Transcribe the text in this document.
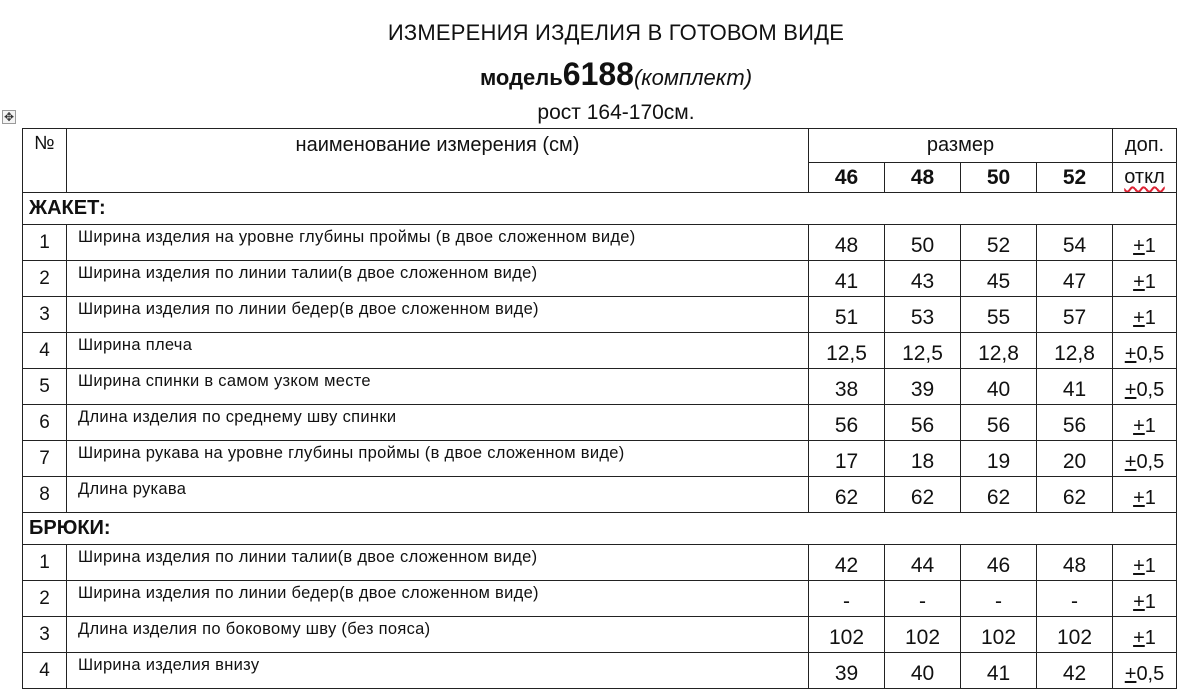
ИЗМЕРЕНИЯ ИЗДЕЛИЯ В ГОТОВОМ ВИДЕ
модель6188(комплект)
рост 164-170см.
✥
№	наименование измерения (см)	размер				доп.
		46	48	50	52	откл
ЖАКЕТ:						
1	Ширина изделия на уровне глубины проймы (в двое сложенном виде)	48	50	52	54	+1
2	Ширина изделия по линии талии(в двое сложенном виде)	41	43	45	47	+1
3	Ширина изделия по линии бедер(в двое сложенном виде)	51	53	55	57	+1
4	Ширина плеча	12,5	12,5	12,8	12,8	+0,5
5	Ширина спинки в самом узком месте	38	39	40	41	+0,5
6	Длина изделия по среднему шву спинки	56	56	56	56	+1
7	Ширина рукава на уровне глубины проймы (в двое сложенном виде)	17	18	19	20	+0,5
8	Длина рукава	62	62	62	62	+1
БРЮКИ:						
1	Ширина изделия по линии талии(в двое сложенном виде)	42	44	46	48	+1
2	Ширина изделия по линии бедер(в двое сложенном виде)	-	-	-	-	+1
3	Длина изделия по боковому шву (без пояса)	102	102	102	102	+1
4	Ширина изделия внизу	39	40	41	42	+0,5
